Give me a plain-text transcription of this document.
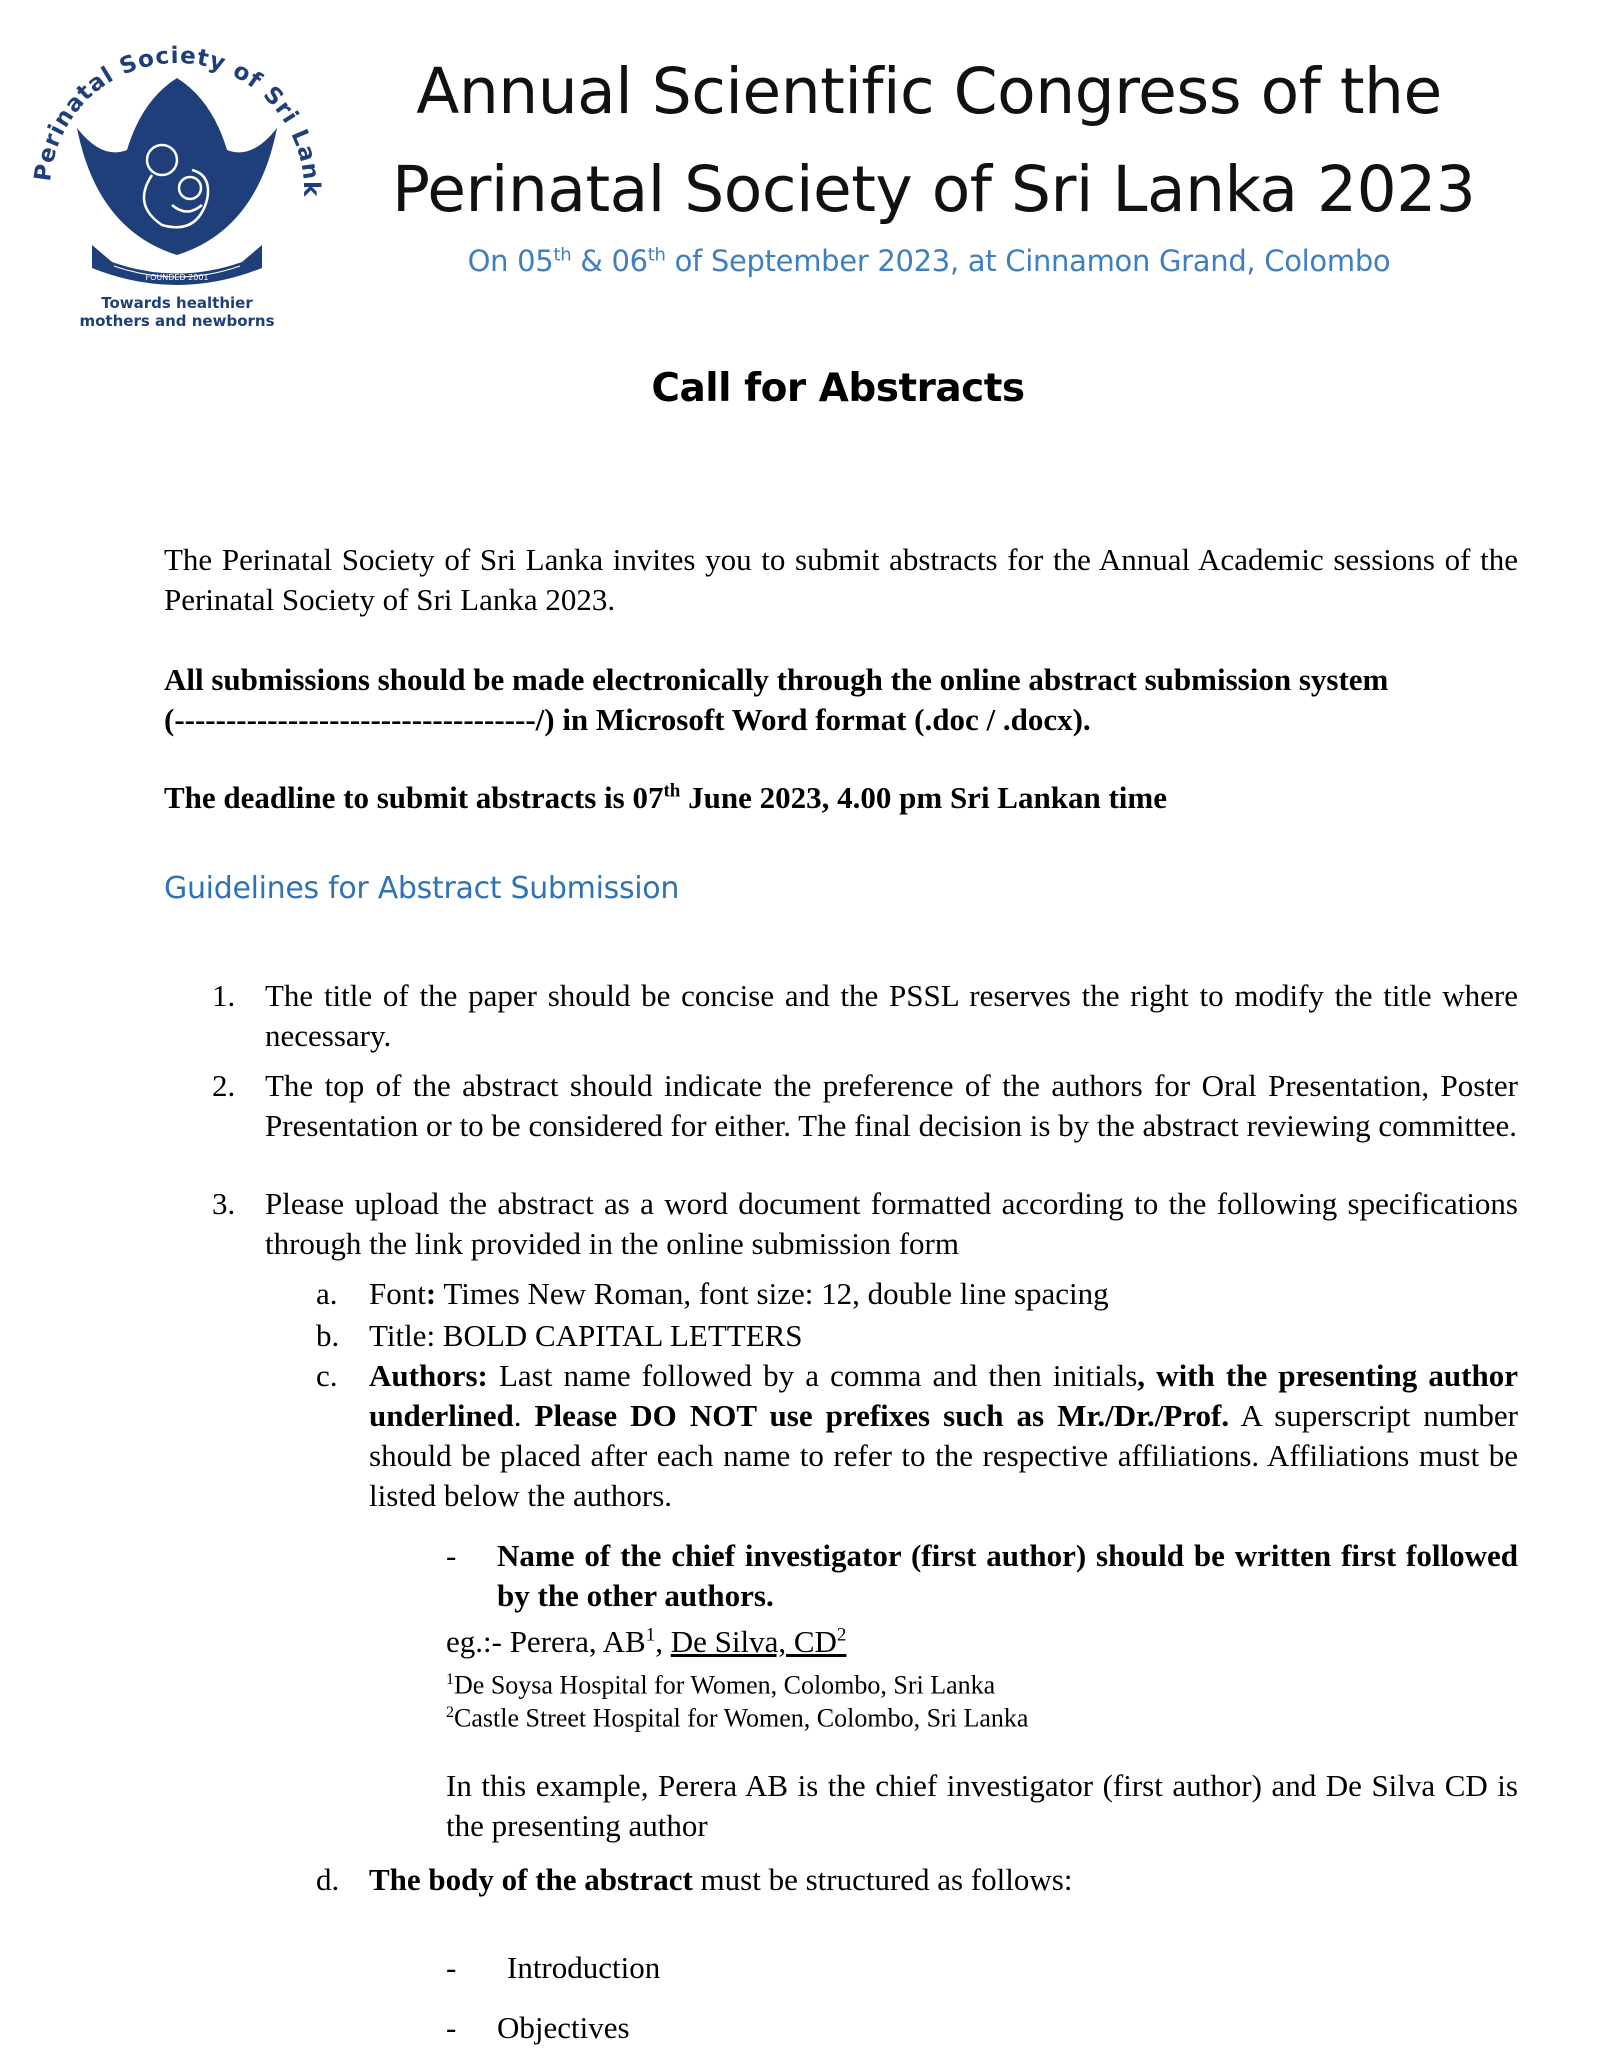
Perinatal Society of Sri Lank
FOUNDED 2001
Towards healthier
mothers and newborns
Annual Scientific Congress of the
Perinatal Society of Sri Lanka 2023
On 05th & 06th of September 2023, at Cinnamon Grand, Colombo
Call for Abstracts
The Perinatal Society of Sri Lanka invites you to submit abstracts for the Annual Academic sessions of the Perinatal Society of Sri Lanka 2023.
All submissions should be made electronically through the online abstract submission system
(-----------------------------------/) in Microsoft Word format (.doc / .docx).
The deadline to submit abstracts is 07th June 2023, 4.00 pm Sri Lankan time
Guidelines for Abstract Submission
1. The title of the paper should be concise and the PSSL reserves the right to modify the title where necessary.
2. The top of the abstract should indicate the preference of the authors for Oral Presentation, Poster Presentation or to be considered for either. The final decision is by the abstract reviewing committee.
3. Please upload the abstract as a word document formatted according to the following specifications through the link provided in the online submission form
a. Font: Times New Roman, font size: 12, double line spacing
b. Title: BOLD CAPITAL LETTERS
c. Authors: Last name followed by a comma and then initials, with the presenting author underlined. Please DO NOT use prefixes such as Mr./Dr./Prof. A superscript number should be placed after each name to refer to the respective affiliations. Affiliations must be listed below the authors.
- Name of the chief investigator (first author) should be written first followed by the other authors.
eg.:- Perera, $AB^1$, De Silva, $CD^2$
$^1$De Soysa Hospital for Women, Colombo, Sri Lanka
$^2$Castle Street Hospital for Women, Colombo, Sri Lanka
In this example, Perera AB is the chief investigator (first author) and De Silva CD is the presenting author
d. The body of the abstract must be structured as follows:
- Introduction
- Objectives
